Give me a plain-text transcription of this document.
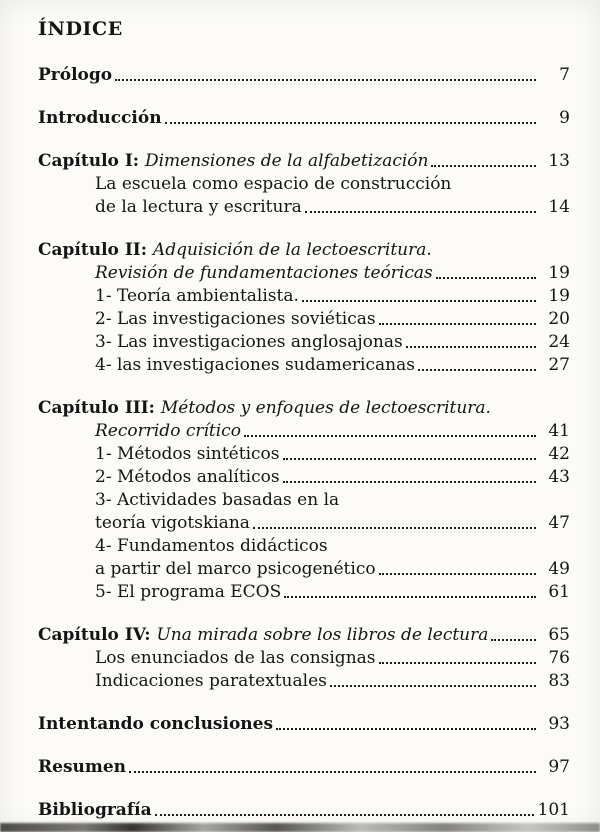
ÍNDICE
Prólogo	7
Introducción	9
Capítulo I: Dimensiones de la alfabetización	13
La escuela como espacio de construcción
de la lectura y escritura	14
Capítulo II: Adquisición de la lectoescritura.
Revisión de fundamentaciones teóricas	19
1- Teoría ambientalista.	19
2- Las investigaciones soviéticas	20
3- Las investigaciones anglosajonas	24
4- las investigaciones sudamericanas	27
Capítulo III: Métodos y enfoques de lectoescritura.
Recorrido crítico	41
1- Métodos sintéticos	42
2- Métodos analíticos	43
3- Actividades basadas en la
teoría vigotskiana	47
4- Fundamentos didácticos
a partir del marco psicogenético	49
5- El programa ECOS	61
Capítulo IV: Una mirada sobre los libros de lectura	65
Los enunciados de las consignas	76
Indicaciones paratextuales	83
Intentando conclusiones	93
Resumen	97
Bibliografía	101
